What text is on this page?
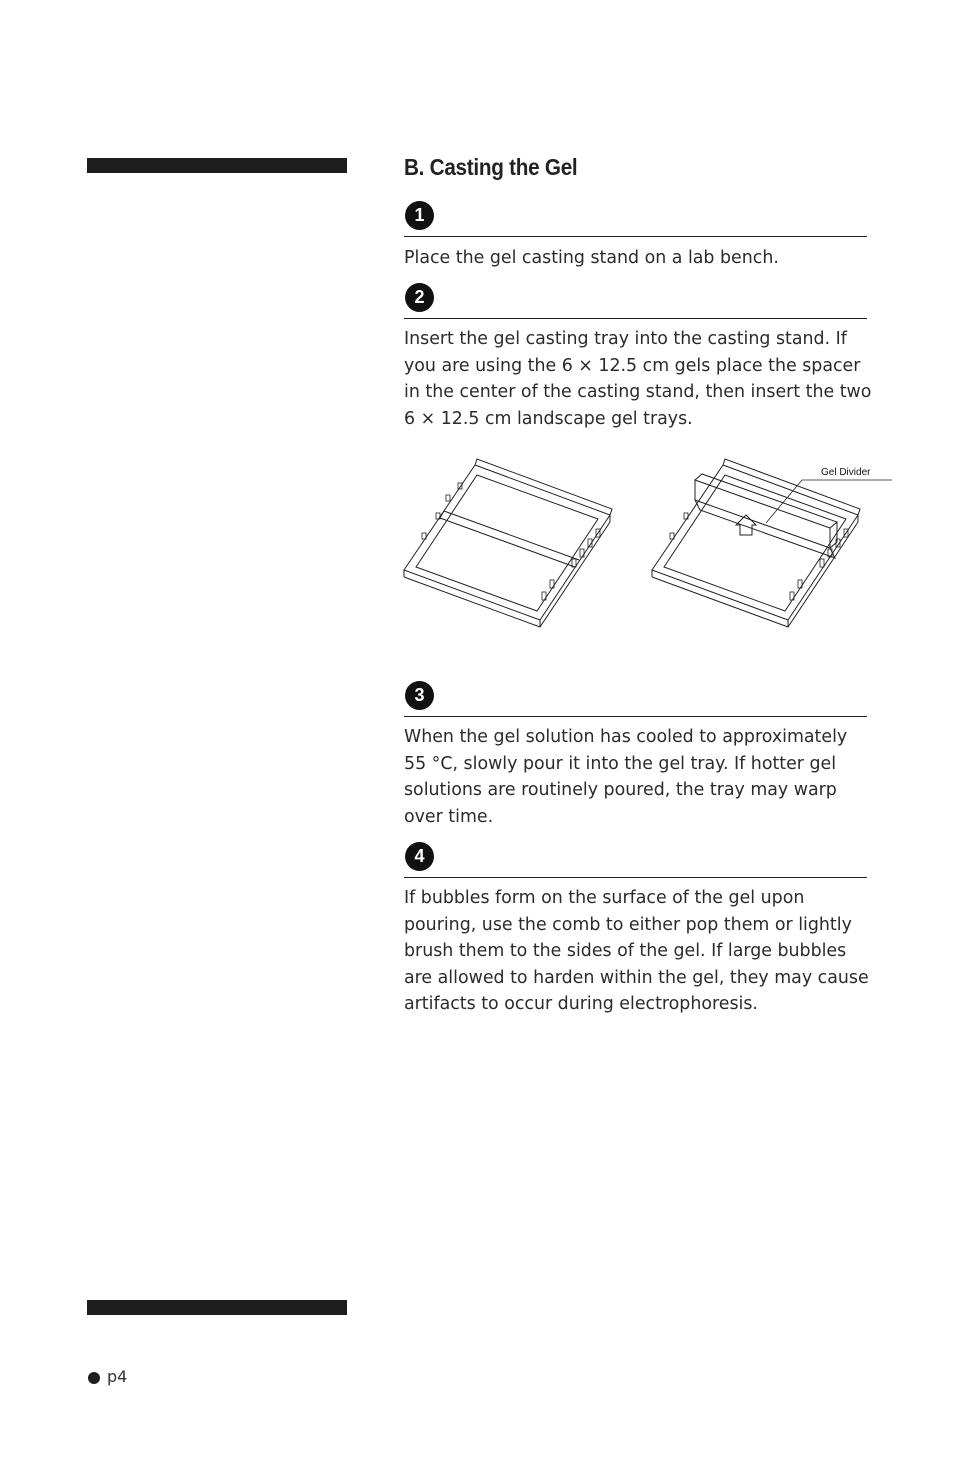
B. Casting the Gel
1

Place the gel casting stand on a lab bench.

2

Insert the gel casting tray into the casting stand. If you are using the 6 × 12.5 cm gels place the spacer in the center of the casting stand, then insert the two 6 × 12.5 cm landscape gel trays.

Gel Divider
3

When the gel solution has cooled to approximately 55 °C, slowly pour it into the gel tray. If hotter gel solutions are routinely poured, the tray may warp over time.

4

If bubbles form on the surface of the gel upon pouring, use the comb to either pop them or lightly brush them to the sides of the gel. If large bubbles are allowed to harden within the gel, they may cause artifacts to occur during electrophoresis.

p4
